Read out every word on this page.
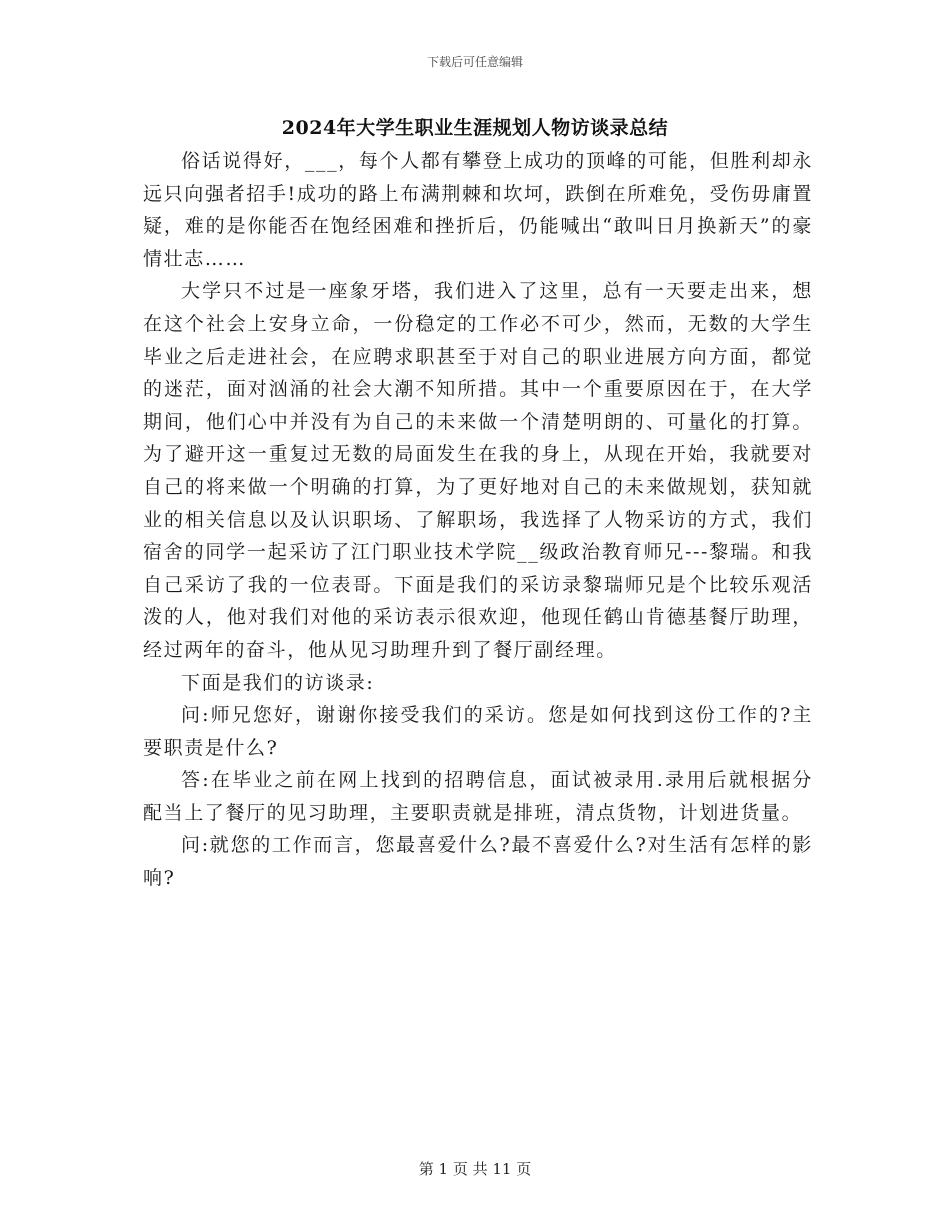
下载后可任意编辑
2024年大学生职业生涯规划人物访谈录总结

俗话说得好，___，每个人都有攀登上成功的顶峰的可能，但胜利却永远只向强者招手!成功的路上布满荆棘和坎坷，跌倒在所难免，受伤毋庸置疑，难的是你能否在饱经困难和挫折后，仍能喊出“敢叫日月换新天”的豪情壮志……

大学只不过是一座象牙塔，我们进入了这里，总有一天要走出来，想在这个社会上安身立命，一份稳定的工作必不可少，然而，无数的大学生毕业之后走进社会，在应聘求职甚至于对自己的职业进展方向方面，都觉的迷茫，面对汹涌的社会大潮不知所措。其中一个重要原因在于，在大学期间，他们心中并没有为自己的未来做一个清楚明朗的、可量化的打算。为了避开这一重复过无数的局面发生在我的身上，从现在开始，我就要对自己的将来做一个明确的打算，为了更好地对自己的未来做规划，获知就业的相关信息以及认识职场、了解职场，我选择了人物采访的方式，我们宿舍的同学一起采访了江门职业技术学院__级政治教育师兄---黎瑞。和我自己采访了我的一位表哥。下面是我们的采访录黎瑞师兄是个比较乐观活泼的人，他对我们对他的采访表示很欢迎，他现任鹤山肯德基餐厅助理，经过两年的奋斗，他从见习助理升到了餐厅副经理。

下面是我们的访谈录:

问:师兄您好，谢谢你接受我们的采访。您是如何找到这份工作的?主要职责是什么?

答:在毕业之前在网上找到的招聘信息，面试被录用.录用后就根据分配当上了餐厅的见习助理，主要职责就是排班，清点货物，计划进货量。

问:就您的工作而言，您最喜爱什么?最不喜爱什么?对生活有怎样的影响?

第 1 页 共 11 页
